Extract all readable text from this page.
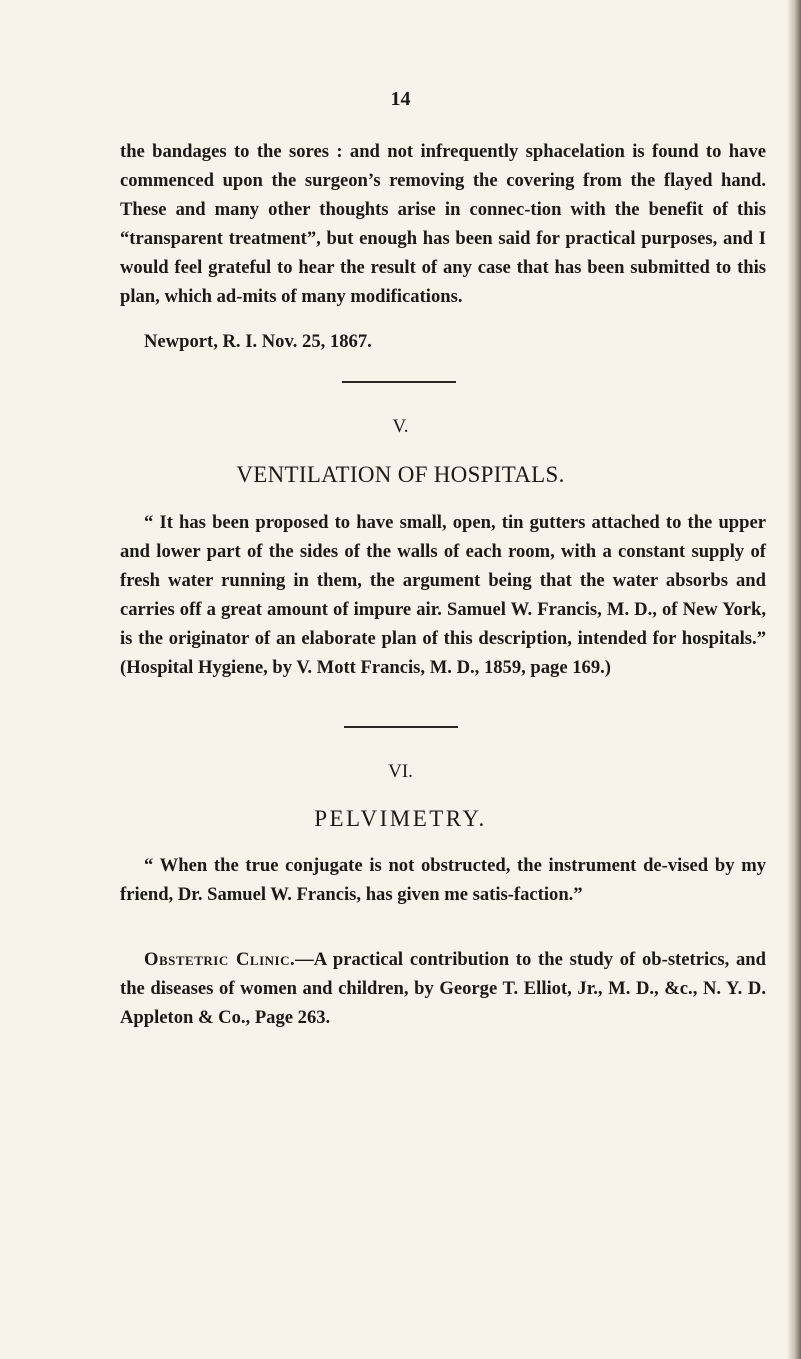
14

the bandages to the sores : and not infrequently sphacelation is found to have commenced upon the surgeon’s removing the covering from the flayed hand. These and many other thoughts arise in connec-tion with the benefit of this “transparent treatment”, but enough has been said for practical purposes, and I would feel grateful to hear the result of any case that has been submitted to this plan, which ad-mits of many modifications.

Newport, R. I. Nov. 25, 1867.
V.
VENTILATION OF HOSPITALS.

“ It has been proposed to have small, open, tin gutters attached to the upper and lower part of the sides of the walls of each room, with a constant supply of fresh water running in them, the argument being that the water absorbs and carries off a great amount of impure air. Samuel W. Francis, M. D., of New York, is the originator of an elaborate plan of this description, intended for hospitals.” (Hospital Hygiene, by V. Mott Francis, M. D., 1859, page 169.)

VI.
PELVIMETRY.

“ When the true conjugate is not obstructed, the instrument de-vised by my friend, Dr. Samuel W. Francis, has given me satis-faction.”

Obstetric Clinic.—A practical contribution to the study of ob-stetrics, and the diseases of women and children, by George T. Elliot, Jr., M. D., &c., N. Y. D. Appleton & Co., Page 263.
